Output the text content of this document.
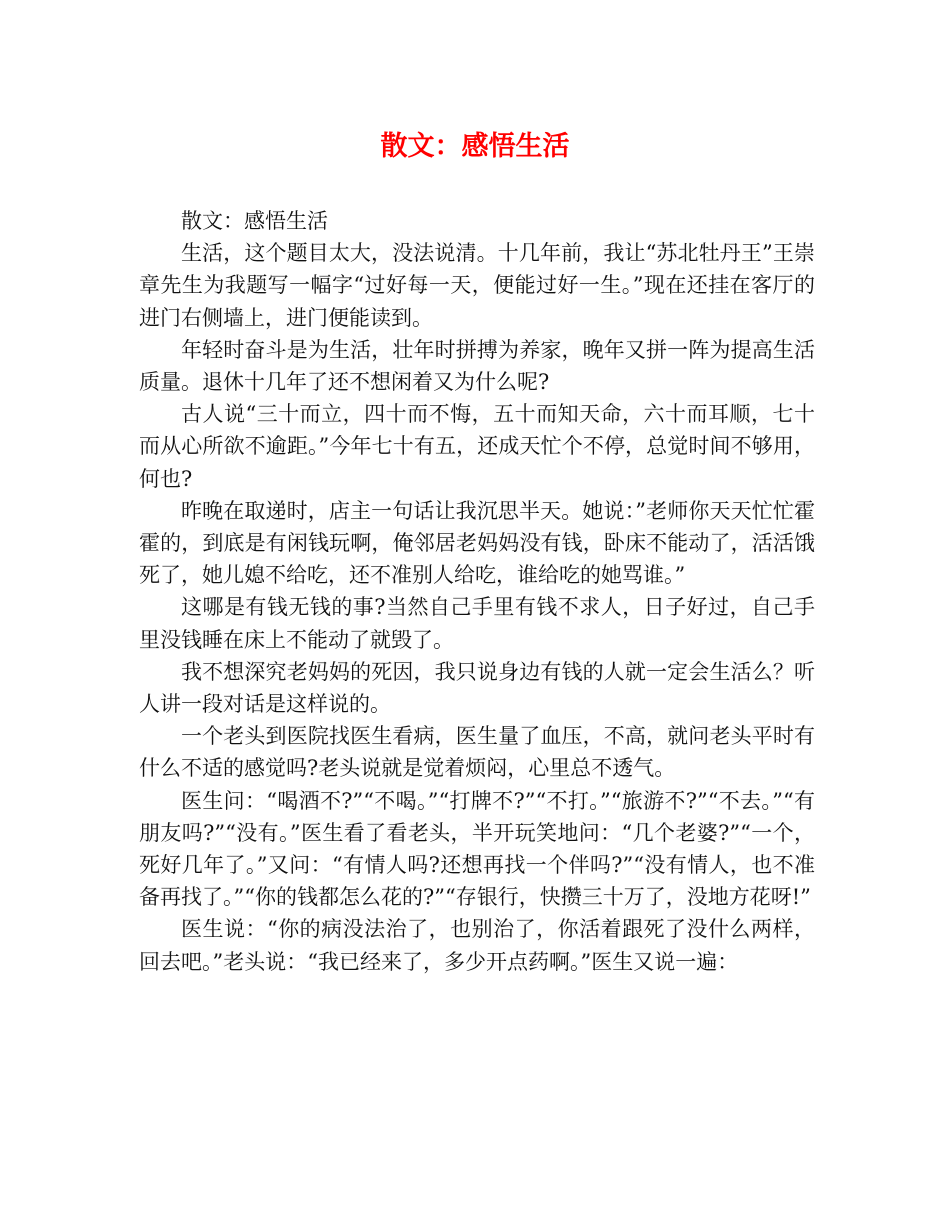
散文：感悟生活

散文：感悟生活

生活，这个题目太大，没法说清。十几年前，我让“苏北牡丹王”王崇章先生为我题写一幅字“过好每一天，便能过好一生。”现在还挂在客厅的进门右侧墙上，进门便能读到。

年轻时奋斗是为生活，壮年时拼搏为养家，晚年又拼一阵为提高生活质量。退休十几年了还不想闲着又为什么呢?

古人说“三十而立，四十而不悔，五十而知天命，六十而耳顺，七十而从心所欲不逾距。”今年七十有五，还成天忙个不停，总觉时间不够用，何也?

昨晚在取递时，店主一句话让我沉思半天。她说：”老师你天天忙忙霍霍的，到底是有闲钱玩啊，俺邻居老妈妈没有钱，卧床不能动了，活活饿死了，她儿媳不给吃，还不准别人给吃，谁给吃的她骂谁。”

这哪是有钱无钱的事?当然自己手里有钱不求人，日子好过，自己手里没钱睡在床上不能动了就毁了。

我不想深究老妈妈的死因，我只说身边有钱的人就一定会生活么？听人讲一段对话是这样说的。

一个老头到医院找医生看病，医生量了血压，不高，就问老头平时有什么不适的感觉吗?老头说就是觉着烦闷，心里总不透气。

医生问：“喝酒不?”“不喝。”“打牌不?”“不打。”“旅游不?”“不去。”“有朋友吗?”“没有。”医生看了看老头，半开玩笑地问：“几个老婆?”“一个，死好几年了。”又问：“有情人吗?还想再找一个伴吗?”“没有情人，也不准备再找了。”“你的钱都怎么花的?”“存银行，快攒三十万了，没地方花呀!”

医生说：“你的病没法治了，也别治了，你活着跟死了没什么两样，回去吧。”老头说：“我已经来了，多少开点药啊。”医生又说一遍：
